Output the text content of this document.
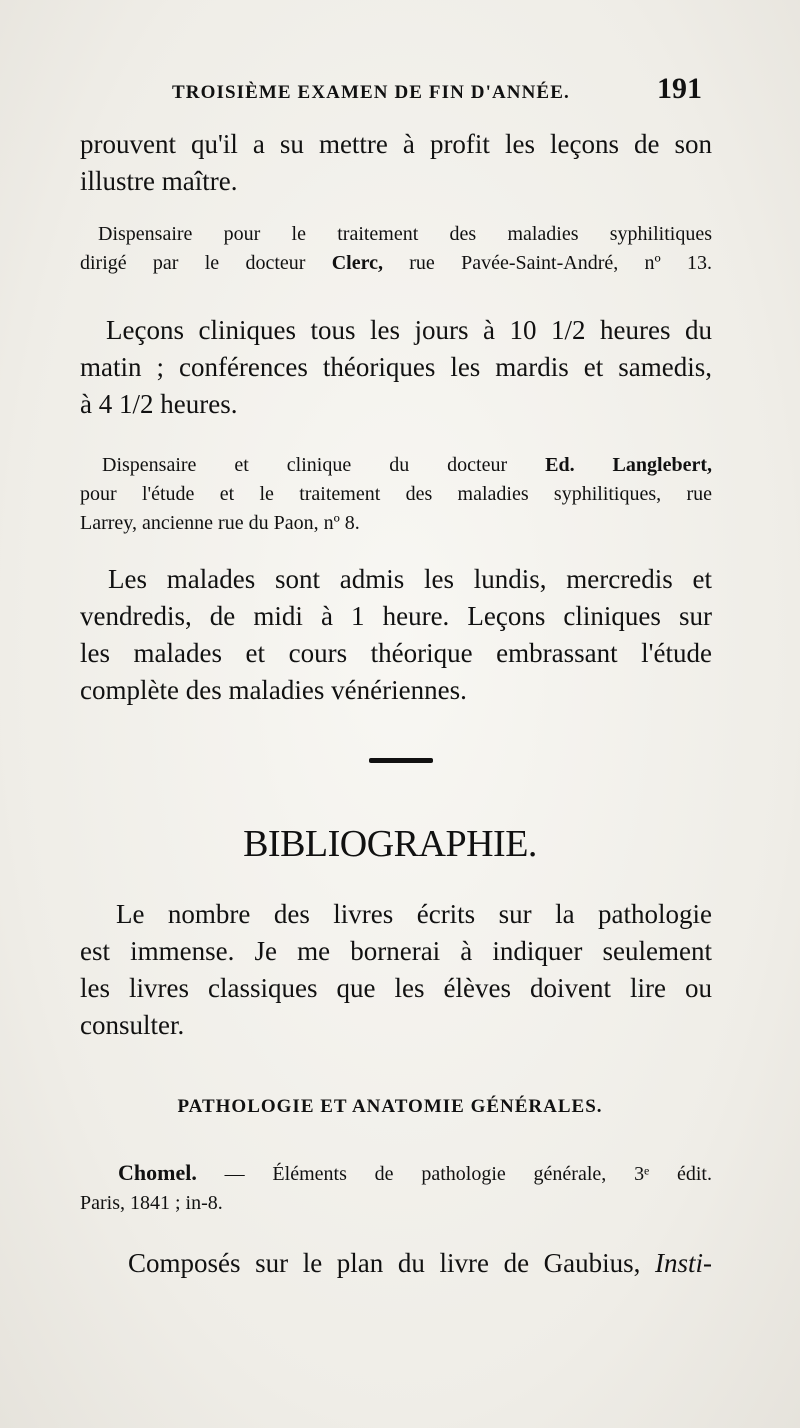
TROISIÈME EXAMEN DE FIN D'ANNÉE.	191
prouvent qu'il a su mettre à profit les leçons de son
illustre maître.
Dispensaire pour le traitement des maladies syphilitiques
dirigé par le docteur Clerc, rue Pavée-Saint-André, nº 13.
Leçons cliniques tous les jours à 10 1/2 heures du
matin ; conférences théoriques les mardis et samedis,
à 4 1/2 heures.
Dispensaire et clinique du docteur Ed. Langlebert,
pour l'étude et le traitement des maladies syphilitiques, rue
Larrey, ancienne rue du Paon, nº 8.
Les malades sont admis les lundis, mercredis et
vendredis, de midi à 1 heure. Leçons cliniques sur
les malades et cours théorique embrassant l'étude
complète des maladies vénériennes.
BIBLIOGRAPHIE.
Le nombre des livres écrits sur la pathologie
est immense. Je me bornerai à indiquer seulement
les livres classiques que les élèves doivent lire ou
consulter.
PATHOLOGIE ET ANATOMIE GÉNÉRALES.
Chomel. — Éléments de pathologie générale, 3ᵉ édit.
Paris, 1841 ; in-8.
Composés sur le plan du livre de Gaubius, Insti-
